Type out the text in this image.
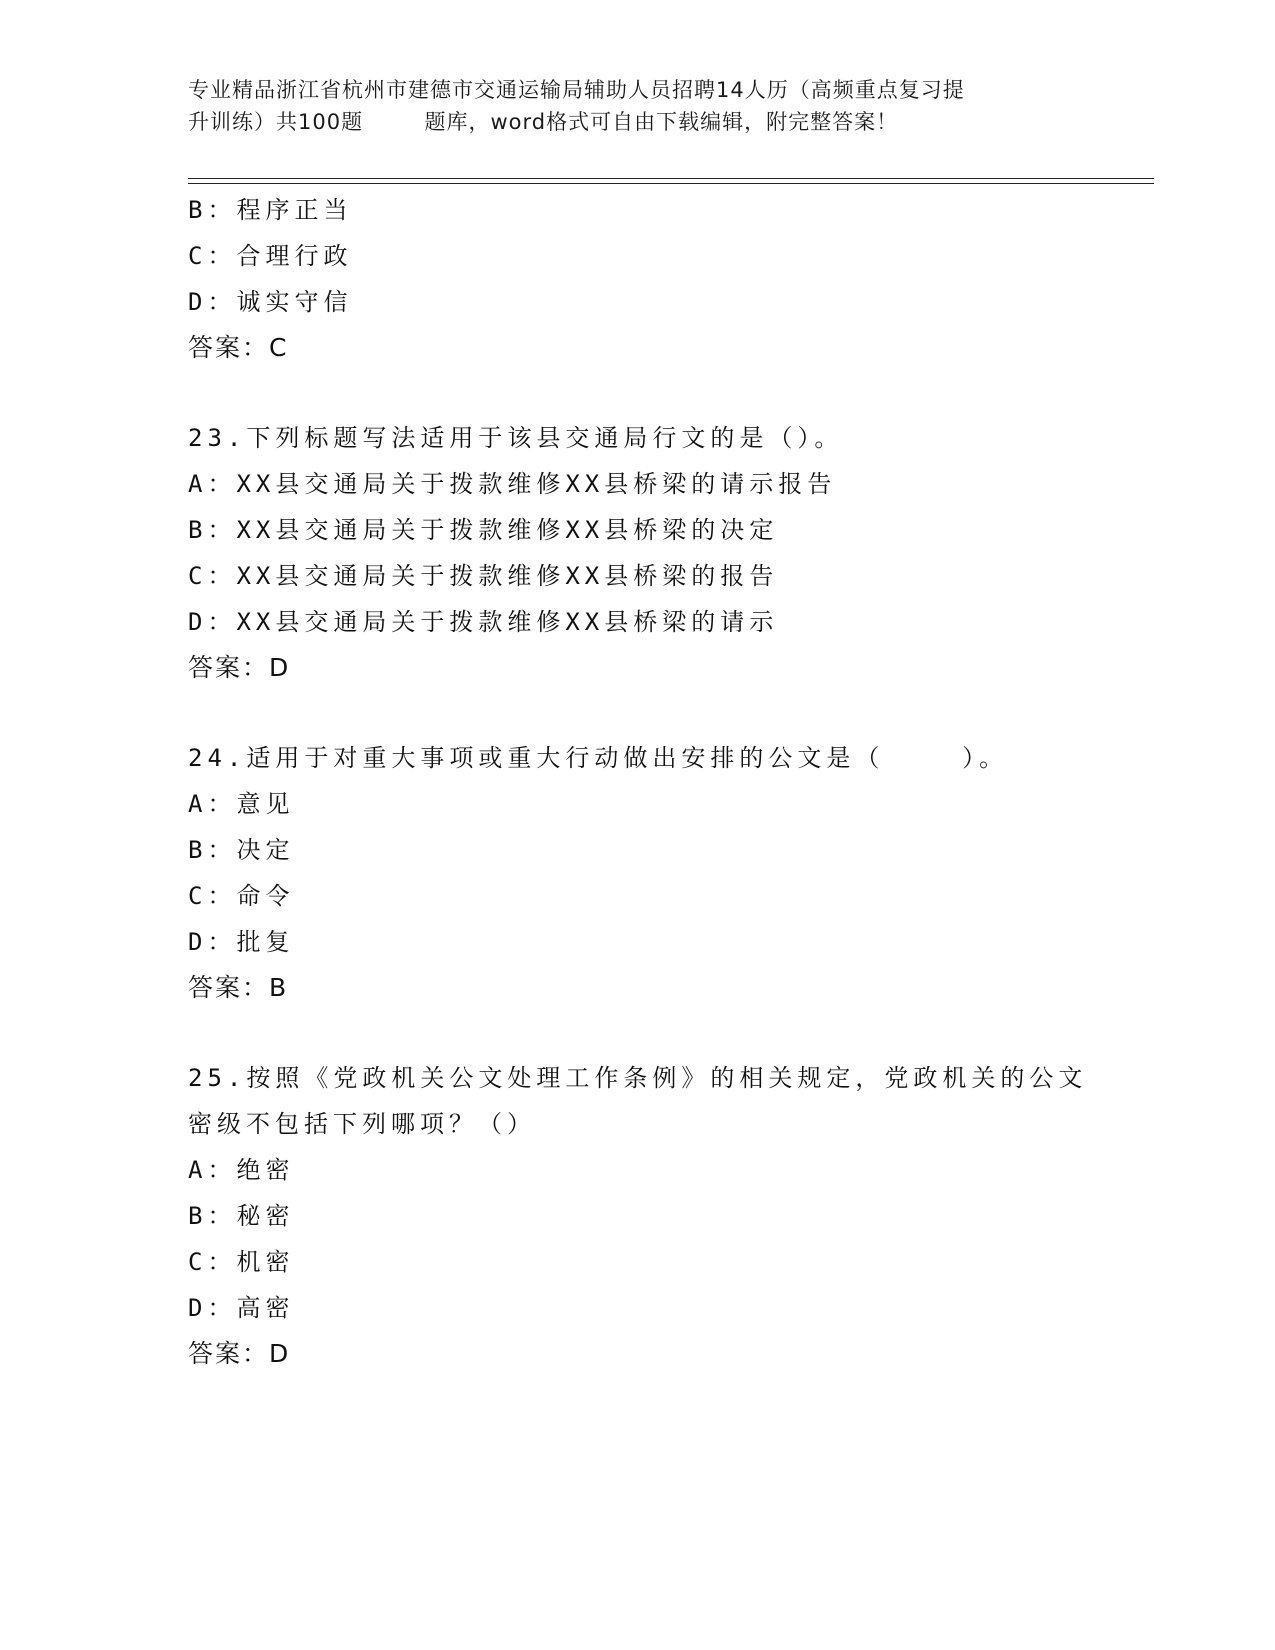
专业精品浙江省杭州市建德市交通运输局辅助人员招聘14人历（高频重点复习提
升训练）共100题        题库，word格式可自由下载编辑，附完整答案！
B：程序正当
C：合理行政
D：诚实守信
答案：C
23.下列标题写法适用于该县交通局行文的是（）。
A：XX县交通局关于拨款维修XX县桥梁的请示报告
B：XX县交通局关于拨款维修XX县桥梁的决定
C：XX县交通局关于拨款维修XX县桥梁的报告
D：XX县交通局关于拨款维修XX县桥梁的请示
答案：D
24.适用于对重大事项或重大行动做出安排的公文是（    ）。
A：意见
B：决定
C：命令
D：批复
答案：B
25.按照《党政机关公文处理工作条例》的相关规定，党政机关的公文
密级不包括下列哪项？（）
A：绝密
B：秘密
C：机密
D：高密
答案：D
